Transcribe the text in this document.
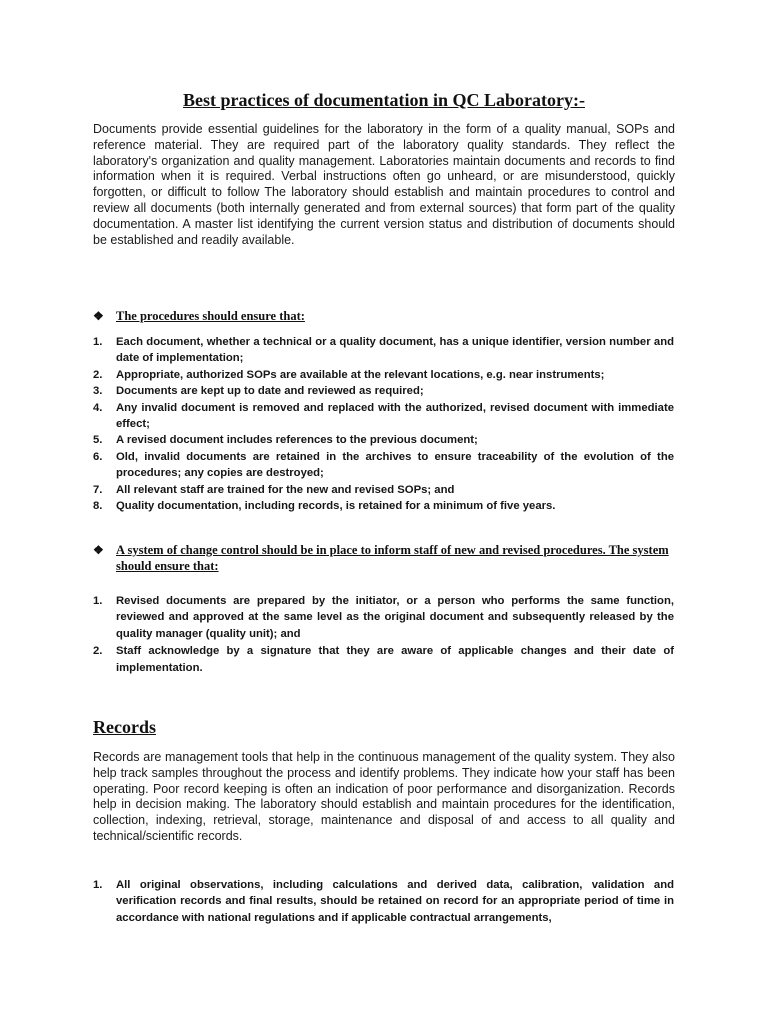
Best practices of documentation in QC Laboratory:-

Documents provide essential guidelines for the laboratory in the form of a quality manual, SOPs and reference material. They are required part of the laboratory quality standards. They reflect the laboratory's organization and quality management. Laboratories maintain documents and records to find information when it is required. Verbal instructions often go unheard, or are misunderstood, quickly forgotten, or difficult to follow The laboratory should establish and maintain procedures to control and review all documents (both internally generated and from external sources) that form part of the quality documentation. A master list identifying the current version status and distribution of documents should be established and readily available.

❖ The procedures should ensure that:
1. Each document, whether a technical or a quality document, has a unique identifier, version number and date of implementation;
2. Appropriate, authorized SOPs are available at the relevant locations, e.g. near instruments;
3. Documents are kept up to date and reviewed as required;
4. Any invalid document is removed and replaced with the authorized, revised document with immediate effect;
5. A revised document includes references to the previous document;
6. Old, invalid documents are retained in the archives to ensure traceability of the evolution of the procedures; any copies are destroyed;
7. All relevant staff are trained for the new and revised SOPs; and
8. Quality documentation, including records, is retained for a minimum of five years.
❖ A system of change control should be in place to inform staff of new and revised procedures. The system should ensure that:
1. Revised documents are prepared by the initiator, or a person who performs the same function, reviewed and approved at the same level as the original document and subsequently released by the quality manager (quality unit); and
2. Staff acknowledge by a signature that they are aware of applicable changes and their date of implementation.
Records

Records are management tools that help in the continuous management of the quality system. They also help track samples throughout the process and identify problems. They indicate how your staff has been operating. Poor record keeping is often an indication of poor performance and disorganization. Records help in decision making. The laboratory should establish and maintain procedures for the identification, collection, indexing, retrieval, storage, maintenance and disposal of and access to all quality and technical/scientific records.

1. All original observations, including calculations and derived data, calibration, validation and verification records and final results, should be retained on record for an appropriate period of time in accordance with national regulations and if applicable contractual arrangements,
